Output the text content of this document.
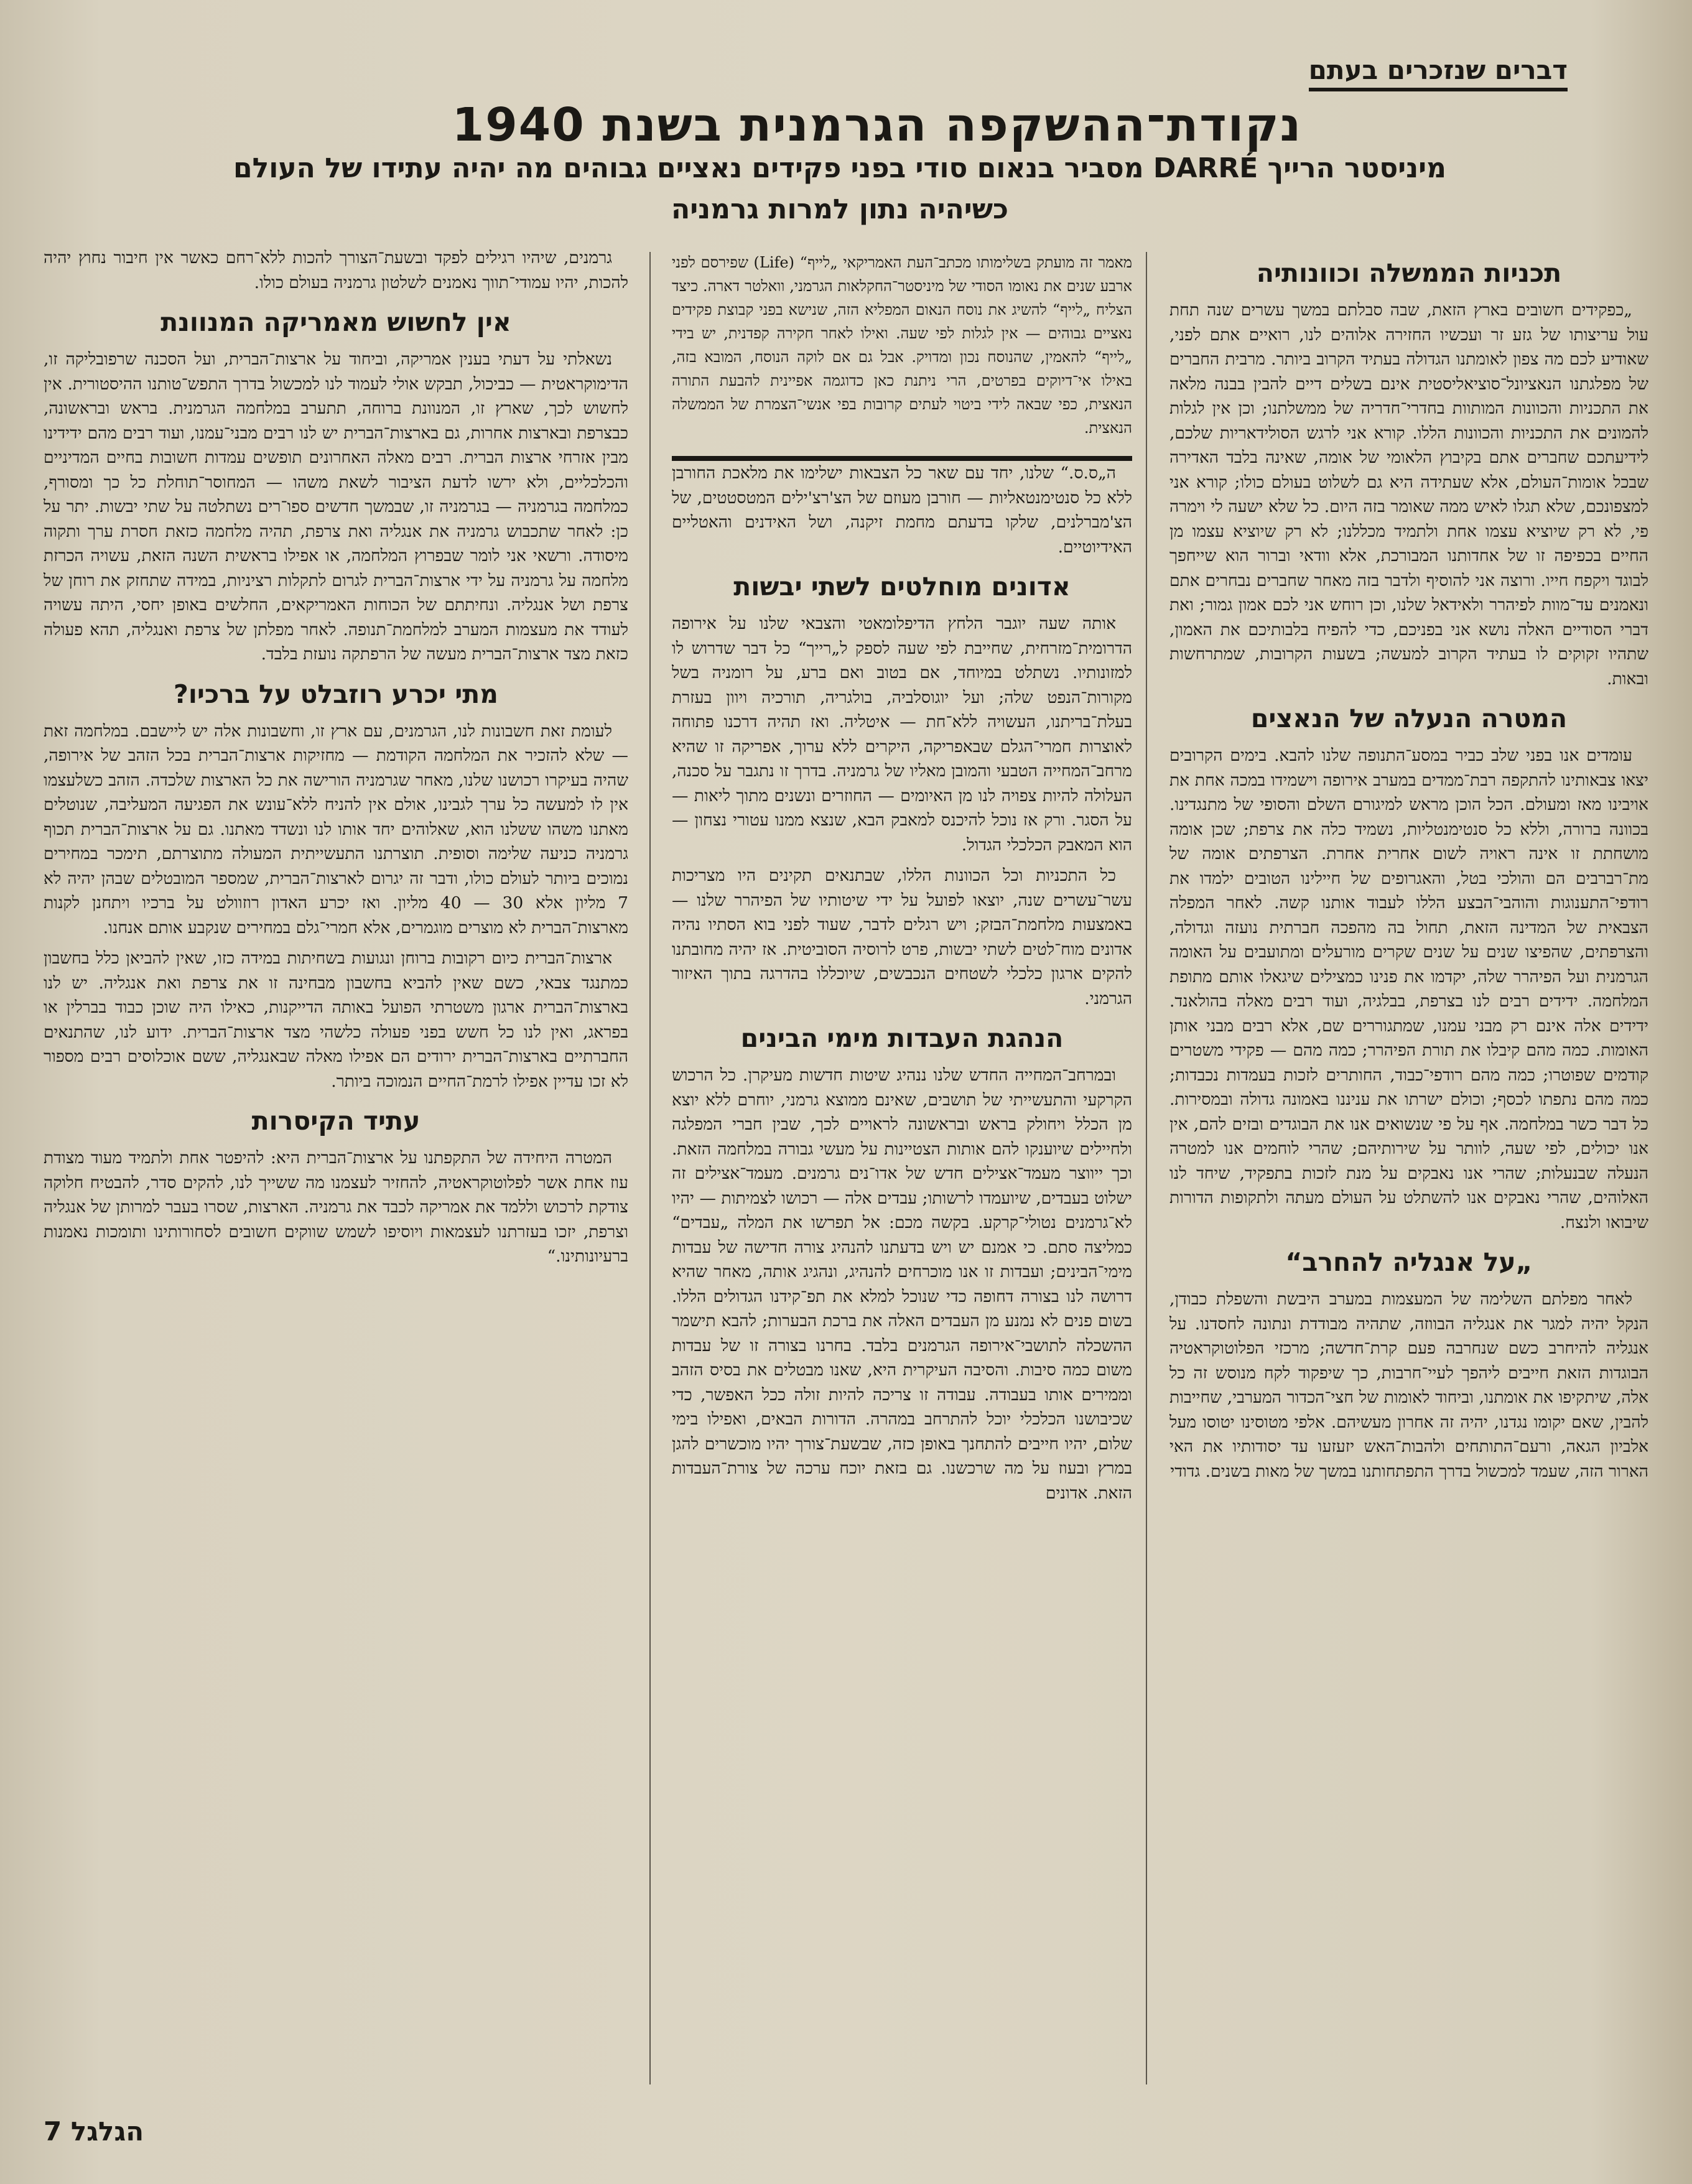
דברים שנזכרים בעתם
נקודת־ההשקפה הגרמנית בשנת 1940
מיניסטר הרייך DARRÉ מסביר בנאום סודי בפני פקידים נאציים גבוהים מה יהיה עתידו של העולם
כשיהיה נתון למרות גרמניה
תכניות הממשלה וכוונותיה
„כפקידים חשובים בארץ הזאת, שבה סבלתם במשך עשרים שנה תחת עול עריצותו של גזע זר ועכשיו החזירה אלוהים לנו, רואיים אתם לפני, שאודיע לכם מה צפון לאומתנו הגדולה בעתיד הקרוב ביותר. מרבית החברים של מפלגתנו הנאציונל־סוציאליסטית אינם בשלים דיים להבין בבנה מלאה את התכניות והכוונות המותוות בחדרי־חדריה של ממשלתנו; וכן אין לגלות להמונים את התכניות והכוונות הללו. קורא אני לרגש הסולידאריות שלכם, לידיעתכם שחברים אתם בקיבוץ הלאומי של אומה, שאינה בלבד האדירה שבכל אומות־העולם, אלא שעתידה היא גם לשלוט בעולם כולו; קורא אני למצפונכם, שלא תגלו לאיש ממה שאומר בזה היום. כל שלא ישעה לי וימרה פי, לא רק שיוציא עצמו אחת ולתמיד מכללנו; לא רק שיוציא עצמו מן החיים בכפיפה זו של אחדותנו המבורכת, אלא וודאי וברור הוא שייחפך לבוגד ויקפח חייו. ורוצה אני להוסיף ולדבר בזה מאחר שחברים נבחרים אתם ונאמנים עד־מוות לפיהרר ולאידאל שלנו, וכן רוחש אני לכם אמון גמור; ואת דברי הסודיים האלה נושא אני בפניכם, כדי להפיח בלבותיכם את האמון, שתהיו זקוקים לו בעתיד הקרוב למעשה; בשעות הקרובות, שמתרחשות ובאות.
המטרה הנעלה של הנאצים
עומדים אנו בפני שלב כביר במסע־התנופה שלנו להבא. בימים הקרובים יצאו צבאותינו להתקפה רבת־ממדים במערב אירופה וישמידו במכה אחת את אויבינו מאז ומעולם. הכל הוכן מראש למיגורם השלם והסופי של מתנגדינו. בכוונה ברורה, וללא כל סנטימנטליות, נשמיד כלה את צרפת; שכן אומה מושחתת זו אינה ראויה לשום אחרית אחרת. הצרפתים אומה של מת־רברבים הם והולכי בטל, והאגרופים של חיילינו הטובים ילמדו את רודפי־התענוגות והוהבי־הבצע הללו לעבוד אותנו קשה. לאחר המפלה הצבאית של המדינה הזאת, תחול בה מהפכה חברתית נועזה וגדולה, והצרפתים, שהפיצו שנים על שנים שקרים מורעלים ומתועבים על האומה הגרמנית ועל הפיהרר שלה, יקדמו את פנינו כמצילים שיגאלו אותם מתופת המלחמה. ידידים רבים לנו בצרפת, בבלגיה, ועוד רבים מאלה בהולאנד. ידידים אלה אינם רק מבני עמנו, שמתגוררים שם, אלא רבים מבני אותן האומות. כמה מהם קיבלו את תורת הפיהרר; כמה מהם — פקידי משטרים קודמים שפוטרו; כמה מהם רודפי־כבוד, החותרים לזכות בעמדות נכבדות; כמה מהם נתפתו לכסף; וכולם ישרתו את עניננו באמונה גדולה ובמסירות. כל דבר כשר במלחמה. אף על פי שנשואים אנו את הבוגדים ובזים להם, אין אנו יכולים, לפי שעה, לוותר על שירותיהם; שהרי לוחמים אנו למטרה הנעלה שבנעלות; שהרי אנו נאבקים על מנת לזכות בתפקיד, שיחד לנו האלוהים, שהרי נאבקים אנו להשתלט על העולם מעתה ולתקופות הדורות שיבואו ולנצח.
„על אנגליה להחרב“
לאחר מפלתם השלימה של המעצמות במערב היבשת והשפלת כבודן, הנקל יהיה למגר את אנגליה הבווזה, שתהיה מבודדת ונתונה לחסדנו. על אנגליה להיחרב כשם שנחרבה פעם קרת־חדשה; מרכזי הפלוטוקראטיה הבוגדות הזאת חייבים ליהפך לעיי־חרבות, כך שיפקוד לקח מנוסש זה כל אלה, שיתקיפו את אומתנו, וביחוד לאומות של חצי־הכדור המערבי, שחייבות להבין, שאם יקומו נגדנו, יהיה זה אחרון מעשיהם. אלפי מטוסינו יטוסו מעל אלביון הגאה, ורעם־התותחים ולהבות־האש יזעזעו עד יסודותיו את האי הארור הזה, שעמד למכשול בדרך התפתחותנו במשך של מאות בשנים. גדודי
מאמר זה מועתק בשלימותו מכתב־העת האמריקאי „לייף“ (Life) שפירסם לפני ארבע שנים את נאומו הסודי של מיניסטר־החקלאות הגרמני, וואלטר דארה. כיצד הצליח „לייף“ להשיג את נוסח הנאום המפליא הזה, שנישא בפני קבוצת פקידים נאציים גבוהים — אין לגלות לפי שעה. ואילו לאחר חקירה קפדנית, יש בידי „לייף“ להאמין, שהנוסח נכון ומדויק. אבל גם אם לוקה הנוסח, המובא בזה, באילו אי־דיוקים בפרטים, הרי ניתנת כאן כדוגמה אפיינית להבעת התורה הנאצית, כפי שבאה לידי ביטוי לעתים קרובות בפי אנשי־הצמרת של הממשלה הנאצית.
ה„ס.ס.“ שלנו, יחד עם שאר כל הצבאות ישלימו את מלאכת החורבן ללא כל סנטימנטאליות — חורבן מעוזם של הצ'רצ'ילים המטסטטים, של הצ'מברלנים, שלקו בדעתם מחמת זיקנה, ושל האידנים והאטליים האידיוטיים.
אדונים מוחלטים לשתי יבשות
אותה שעה יוגבר הלחץ הדיפלומאטי והצבאי שלנו על אירופה הדרומית־מזרחית, שחייבת לפי שעה לספק ל„רייך“ כל דבר שדרוש לו למזונותיו. נשתלט במיוחד, אם בטוב ואם ברע, על רומניה בשל מקורות־הנפט שלה; ועל יוגוסלביה, בולגריה, תורכיה ויוון בעזרת בעלת־בריתנו, העשויה ללא־חת — איטליה. ואז תהיה דרכנו פתוחה לאוצרות חמרי־הגלם שבאפריקה, היקרים ללא ערוך, אפריקה זו שהיא מרחב־המחייה הטבעי והמובן מאליו של גרמניה. בדרך זו נתגבר על סכנה, העלולה להיות צפויה לנו מן האיומים — החוזרים ונשנים מתוך ליאות — על הסגר. ורק אז נוכל להיכנס למאבק הבא, שנצא ממנו עטורי נצחון — הוא המאבק הכלכלי הגדול.
כל התכניות וכל הכוונות הללו, שבתנאים תקינים היו מצריכות עשר־עשרים שנה, יוצאו לפועל על ידי שיטותיו של הפיהרר שלנו — באמצעות מלחמת־הבזק; ויש רגלים לדבר, שעוד לפני בוא הסתיו נהיה אדונים מוח־לטים לשתי יבשות, פרט לרוסיה הסוביטית. אז יהיה מחובתנו להקים ארגון כלכלי לשטחים הנכבשים, שיוכללו בהדרגה בתוך האיזור הגרמני.
הנהגת העבדות מימי הבינים
ובמרחב־המחייה החדש שלנו ננהיג שיטות חדשות מעיקרן. כל הרכוש הקרקעי והתעשייתי של תושבים, שאינם ממוצא גרמני, יוחרם ללא יוצא מן הכלל ויחולק בראש ובראשונה לראויים לכך, שבין חברי המפלגה ולחיילים שיוענקו להם אותות הצטיינות על מעשי גבורה במלחמה הזאת. וכך ייווצר מעמד־אצילים חדש של אדו־נים גרמנים. מעמד־אצילים זה ישלוט בעבדים, שיועמדו לרשותו; עבדים אלה — רכושו לצמיתות — יהיו לא־גרמנים נטולי־קרקע. בקשה מכם: אל תפרשו את המלה „עבדים“ כמליצה סתם. כי אמנם יש ויש בדעתנו להנהיג צורה חדישה של עבדות מימי־הבינים; ועבדות זו אנו מוכרחים להנהיג, ונהגיג אותה, מאחר שהיא דרושה לנו בצורה דחופה כדי שנוכל למלא את תפ־קידנו הגדולים הללו. בשום פנים לא נמנע מן העבדים האלה את ברכת הבערות; להבא תישמר ההשכלה לתושבי־אירופה הגרמנים בלבד. בחרנו בצורה זו של עבדות משום כמה סיבות. והסיבה העיקרית היא, שאנו מבטלים את בסיס הזהב וממירים אותו בעבודה. עבודה זו צריכה להיות זולה ככל האפשר, כדי שכיבושנו הכלכלי יוכל להתרחב במהרה. הדורות הבאים, ואפילו בימי שלום, יהיו חייבים להתחנך באופן כזה, שבשעת־צורך יהיו מוכשרים להגן במרץ ובעוז על מה שרכשנו. גם בזאת יוכח ערכה של צורת־העבדות הזאת. אדונים
גרמנים, שיהיו רגילים לפקד ובשעת־הצורך להכות ללא־רחם כאשר אין חיבור נחוץ יהיה להכות, יהיו עמודי־תווך נאמנים לשלטון גרמניה בעולם כולו.
אין לחשוש מאמריקה המנוונת
נשאלתי על דעתי בענין אמריקה, וביחוד על ארצות־הברית, ועל הסכנה שרפובליקה זו, הדימוקראטית — כביכול, תבקש אולי לעמוד לנו למכשול בדרך התפש־טותנו ההיסטורית. אין לחשוש לכך, שארץ זו, המנוונת ברוחה, תתערב במלחמה הגרמנית. בראש ובראשונה, כבצרפת ובארצות אחרות, גם בארצות־הברית יש לנו רבים מבני־עמנו, ועוד רבים מהם ידידינו מבין אזרחי ארצות הברית. רבים מאלה האחרונים תופשים עמדות חשובות בחיים המדיניים והכלכליים, ולא ירשו לדעת הציבור לשאת משהו — המחוסר־תוחלת כל כך ומסורף, כמלחמה בגרמניה — בגרמניה זו, שבמשך חדשים ספו־רים נשתלטה על שתי יבשות. יתר על כן: לאחר שתכבוש גרמניה את אנגליה ואת צרפת, תהיה מלחמה כזאת חסרת ערך ותקוה מיסודה. ורשאי אני לומר שבפרוץ המלחמה, או אפילו בראשית השנה הזאת, עשויה הכרזת מלחמה על גרמניה על ידי ארצות־הברית לגרום לתקלות רציניות, במידה שתחזק את רוחן של צרפת ושל אנגליה. ונחיתתם של הכוחות האמריקאים, החלשים באופן יחסי, היתה עשויה לעודד את מעצמות המערב למלחמת־תנופה. לאחר מפלתן של צרפת ואנגליה, תהא פעולה כזאת מצד ארצות־הברית מעשה של הרפתקה נועזת בלבד.
מתי יכרע רוזבלט על ברכיו?
לעומת זאת חשבונות לנו, הגרמנים, עם ארץ זו, וחשבונות אלה יש ליישבם. במלחמה זאת — שלא להזכיר את המלחמה הקודמת — מחזיקות ארצות־הברית בכל הזהב של אירופה, שהיה בעיקרו רכושנו שלנו, מאחר שגרמניה הורישה את כל הארצות שלכדה. הזהב כשלעצמו אין לו למעשה כל ערך לגבינו, אולם אין להניח ללא־עונש את הפגיעה המעליבה, שנוטלים מאתנו משהו ששלנו הוא, שאלוהים יחד אותו לנו ונשדד מאתנו. גם על ארצות־הברית תכוף גרמניה כניעה שלימה וסופית. תוצרתנו התעשייתית המעולה מתוצרתם, תימכר במחירים נמוכים ביותר לעולם כולו, ודבר זה יגרום לארצות־הברית, שמספר המובטלים שבהן יהיה לא 7 מליון אלא 30 — 40 מליון. ואז יכרע האדון רוזוולט על ברכיו ויתחנן לקנות מארצות־הברית לא מוצרים מוגמרים, אלא חמרי־גלם במחירים שנקבע אותם אנחנו.
ארצות־הברית כיום רקובות ברוחן ונגועות בשחיתות במידה כזו, שאין להביאן כלל בחשבון כמתנגד צבאי, כשם שאין להביא בחשבון מבחינה זו את צרפת ואת אנגליה. יש לנו בארצות־הברית ארגון משטרתי הפועל באותה הדייקנות, כאילו היה שוכן כבוד בברלין או בפראג, ואין לנו כל חשש בפני פעולה כלשהי מצד ארצות־הברית. ידוע לנו, שהתנאים החברתיים בארצות־הברית ירודים הם אפילו מאלה שבאנגליה, ששם אוכלוסים רבים מספור לא זכו עדיין אפילו לרמת־החיים הנמוכה ביותר.
עתיד הקיסרות
המטרה היחידה של התקפתנו על ארצות־הברית היא: להיפטר אחת ולתמיד מעוד מצודת עוז אחת אשר לפלוטוקראטיה, להחזיר לעצמנו מה ששייך לנו, להקים סדר, להבטיח חלוקה צודקת לרכוש וללמד את אמריקה לכבד את גרמניה. הארצות, שסרו בעבר למרותן של אנגליה וצרפת, יזכו בעזרתנו לעצמאות ויוסיפו לשמש שווקים חשובים לסחורותינו ותומכות נאמנות ברעיונותינו.“
הגלגל 7
